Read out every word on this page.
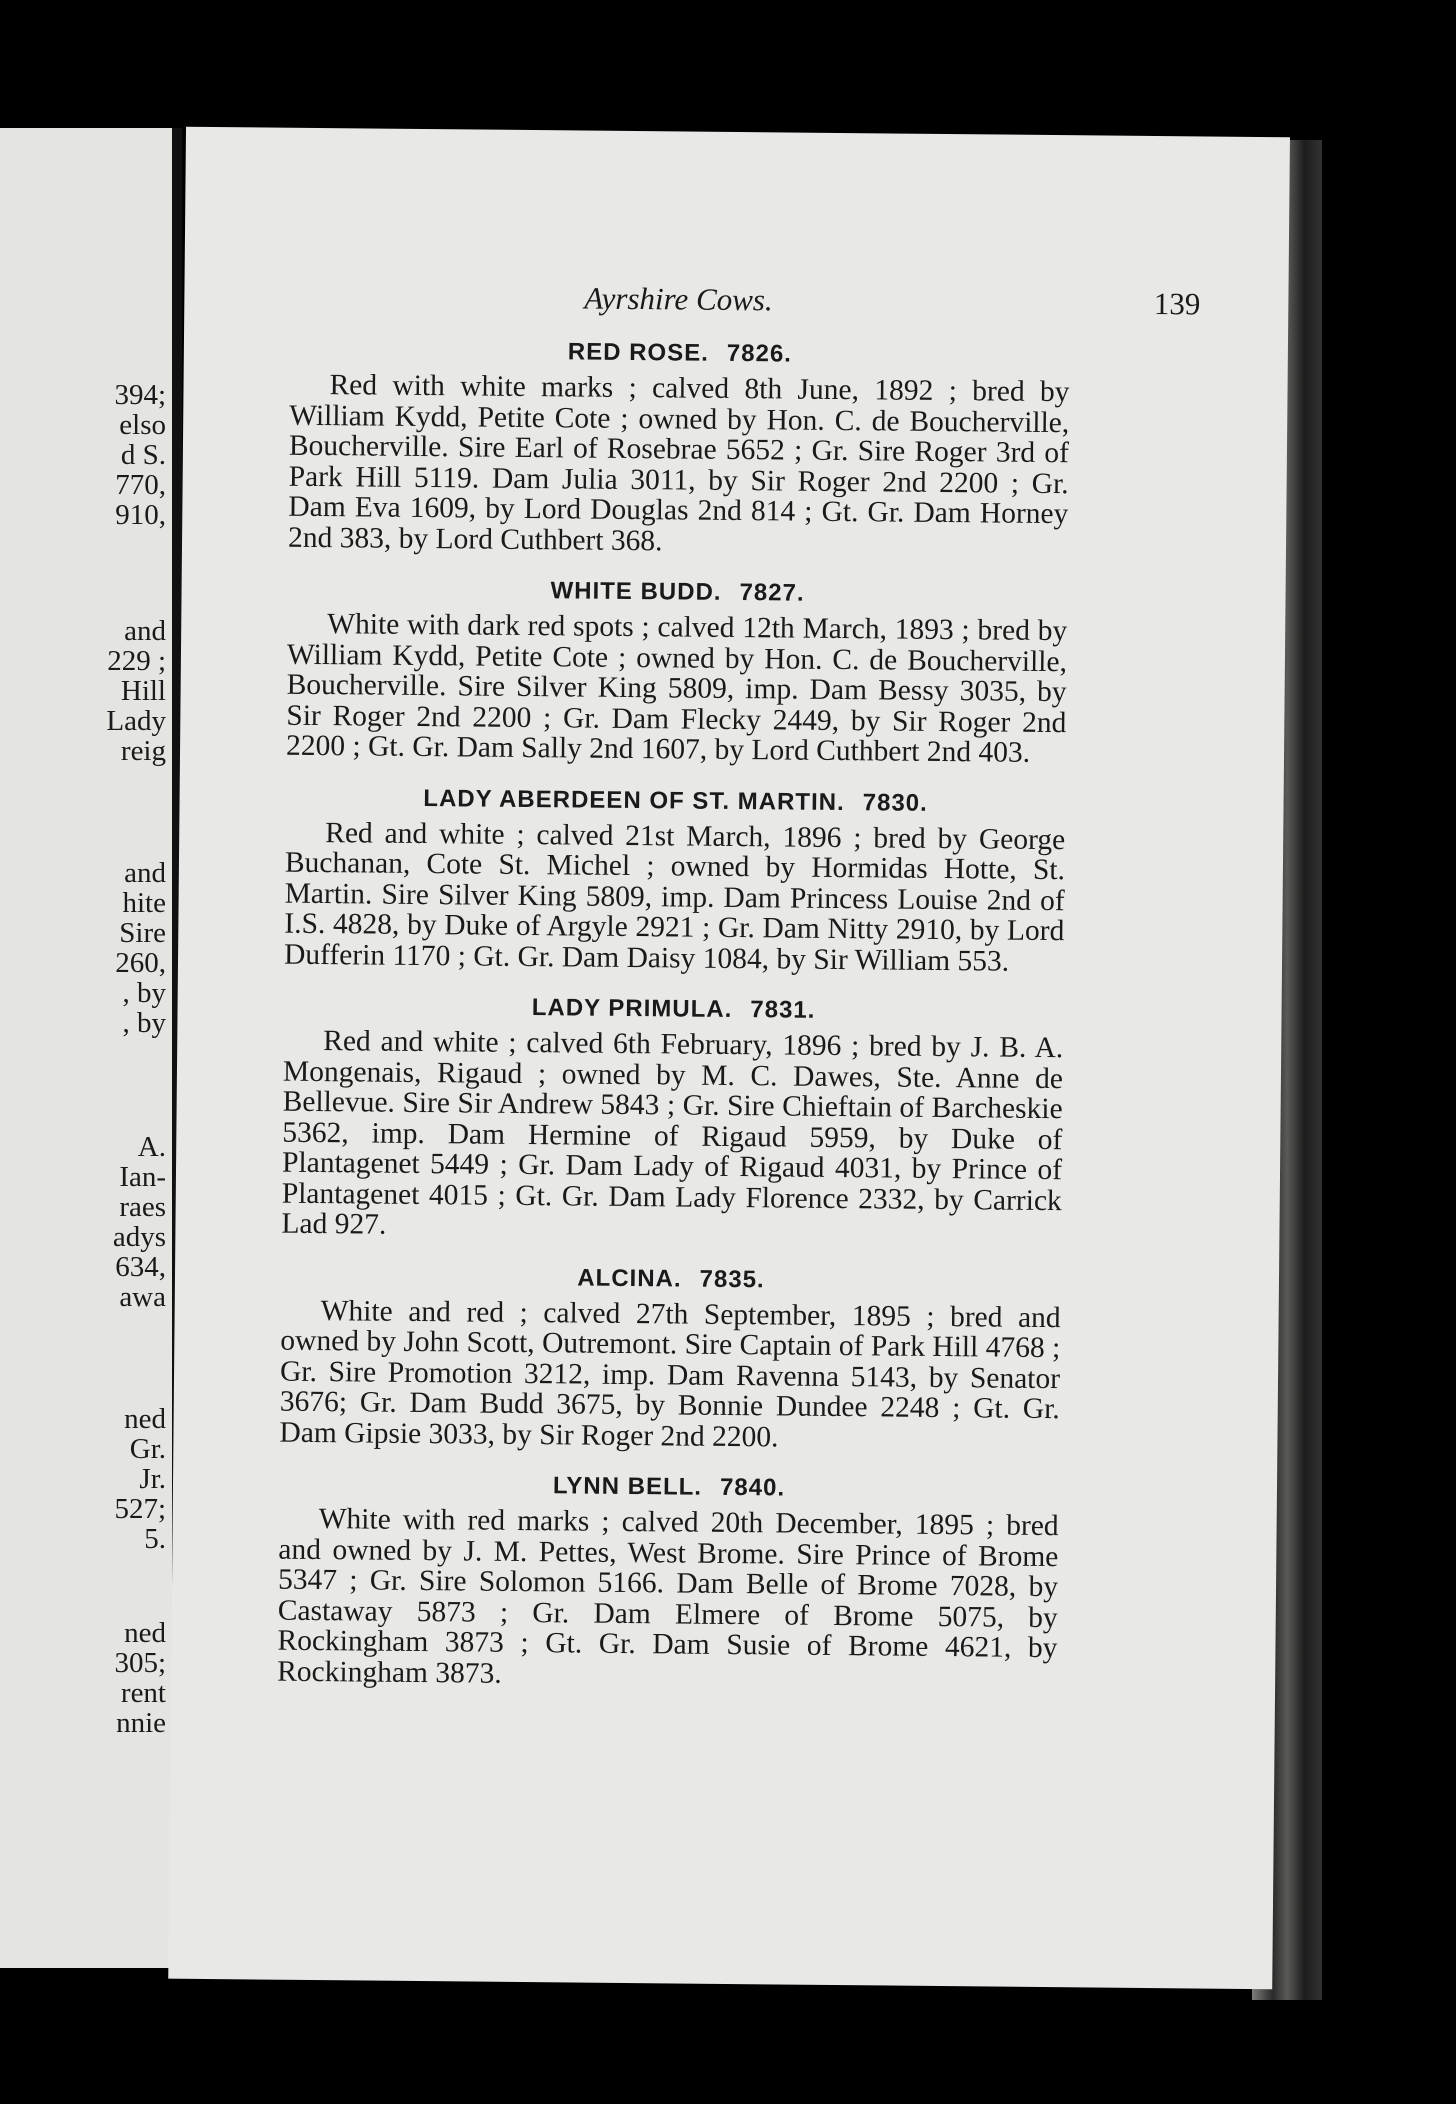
394;
elso
d S.
770,
910,
and
229 ;
Hill
Lady
reig
and
hite
Sire
260,
, by
, by
A.
Ian-
raes
adys
634,
awa
ned
Gr.
Jr.
527;
5.
ned
305;
rent
nnie
Ayrshire Cows.	139
RED ROSE. 7826.
Red with white marks ; calved 8th June, 1892 ; bred by William Kydd, Petite Cote ; owned by Hon. C. de Boucherville, Boucherville. Sire Earl of Rosebrae 5652 ; Gr. Sire Roger 3rd of Park Hill 5119. Dam Julia 3011, by Sir Roger 2nd 2200 ; Gr. Dam Eva 1609, by Lord Douglas 2nd 814 ; Gt. Gr. Dam Horney 2nd 383, by Lord Cuthbert 368.
WHITE BUDD. 7827.
White with dark red spots ; calved 12th March, 1893 ; bred by William Kydd, Petite Cote ; owned by Hon. C. de Boucherville, Boucherville. Sire Silver King 5809, imp. Dam Bessy 3035, by Sir Roger 2nd 2200 ; Gr. Dam Flecky 2449, by Sir Roger 2nd 2200 ; Gt. Gr. Dam Sally 2nd 1607, by Lord Cuthbert 2nd 403.
LADY ABERDEEN OF ST. MARTIN. 7830.
Red and white ; calved 21st March, 1896 ; bred by George Buchanan, Cote St. Michel ; owned by Hormidas Hotte, St. Martin. Sire Silver King 5809, imp. Dam Princess Louise 2nd of I.S. 4828, by Duke of Argyle 2921 ; Gr. Dam Nitty 2910, by Lord Dufferin 1170 ; Gt. Gr. Dam Daisy 1084, by Sir William 553.
LADY PRIMULA. 7831.
Red and white ; calved 6th February, 1896 ; bred by J. B. A. Mongenais, Rigaud ; owned by M. C. Dawes, Ste. Anne de Bellevue. Sire Sir Andrew 5843 ; Gr. Sire Chieftain of Barcheskie 5362, imp. Dam Hermine of Rigaud 5959, by Duke of Plantagenet 5449 ; Gr. Dam Lady of Rigaud 4031, by Prince of Plantagenet 4015 ; Gt. Gr. Dam Lady Florence 2332, by Carrick Lad 927.
ALCINA. 7835.
White and red ; calved 27th September, 1895 ; bred and owned by John Scott, Outremont. Sire Captain of Park Hill 4768 ; Gr. Sire Promotion 3212, imp. Dam Ravenna 5143, by Senator 3676; Gr. Dam Budd 3675, by Bonnie Dundee 2248 ; Gt. Gr. Dam Gipsie 3033, by Sir Roger 2nd 2200.
LYNN BELL. 7840.
White with red marks ; calved 20th December, 1895 ; bred and owned by J. M. Pettes, West Brome. Sire Prince of Brome 5347 ; Gr. Sire Solomon 5166. Dam Belle of Brome 7028, by Castaway 5873 ; Gr. Dam Elmere of Brome 5075, by Rockingham 3873 ; Gt. Gr. Dam Susie of Brome 4621, by Rockingham 3873.
